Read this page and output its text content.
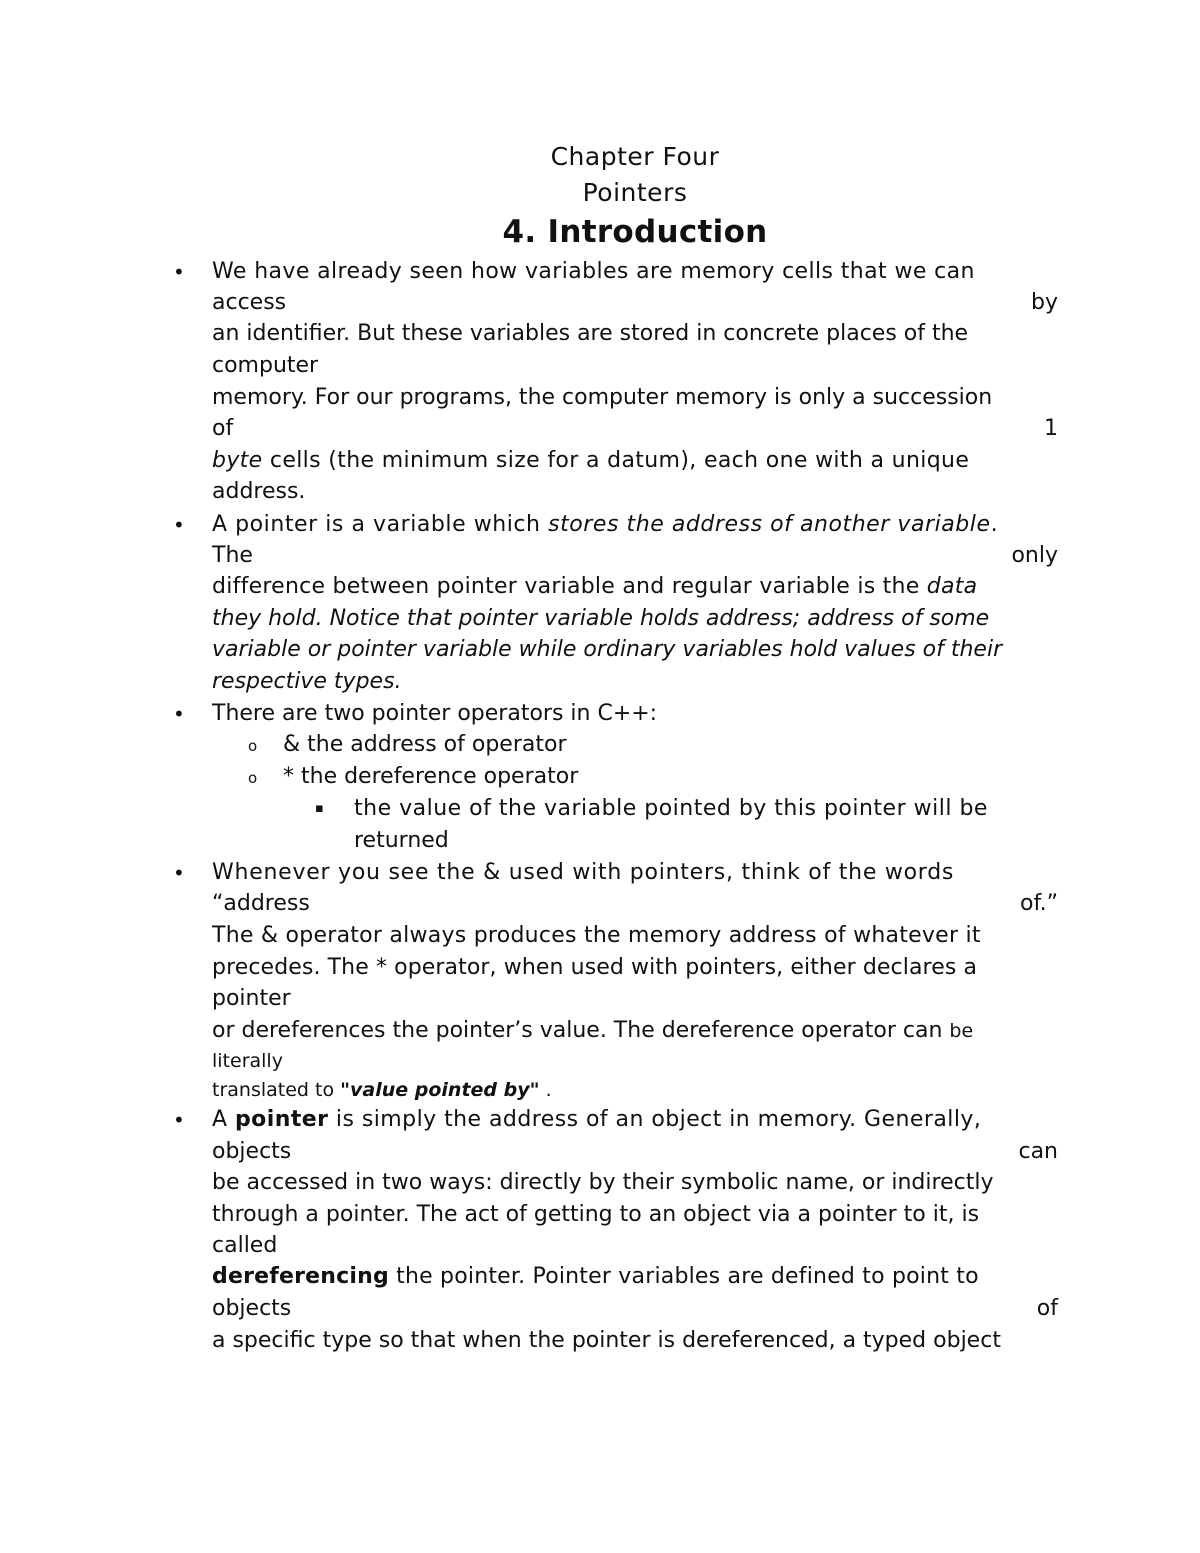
Chapter Four
Pointers
4. Introduction
• We have already seen how variables are memory cells that we can
access	by
an identifier. But these variables are stored in concrete places of the
computer
memory. For our programs, the computer memory is only a succession
of	1
byte cells (the minimum size for a datum), each one with a unique
address.
• A pointer is a variable which stores the address of another variable.
The	only
difference between pointer variable and regular variable is the data
they hold. Notice that pointer variable holds address; address of some
variable or pointer variable while ordinary variables hold values of their
respective types.
• There are two pointer operators in C++:
o & the address of operator
o * the dereference operator
▪ the value of the variable pointed by this pointer will be
returned
• Whenever you see the & used with pointers, think of the words
“address	of.”
The & operator always produces the memory address of whatever it
precedes. The * operator, when used with pointers, either declares a
pointer
or dereferences the pointer’s value. The dereference operator can be
literally
translated to "value pointed by" .
• A pointer is simply the address of an object in memory. Generally,
objects	can
be accessed in two ways: directly by their symbolic name, or indirectly
through a pointer. The act of getting to an object via a pointer to it, is
called
dereferencing the pointer. Pointer variables are defined to point to
objects	of
a specific type so that when the pointer is dereferenced, a typed object
